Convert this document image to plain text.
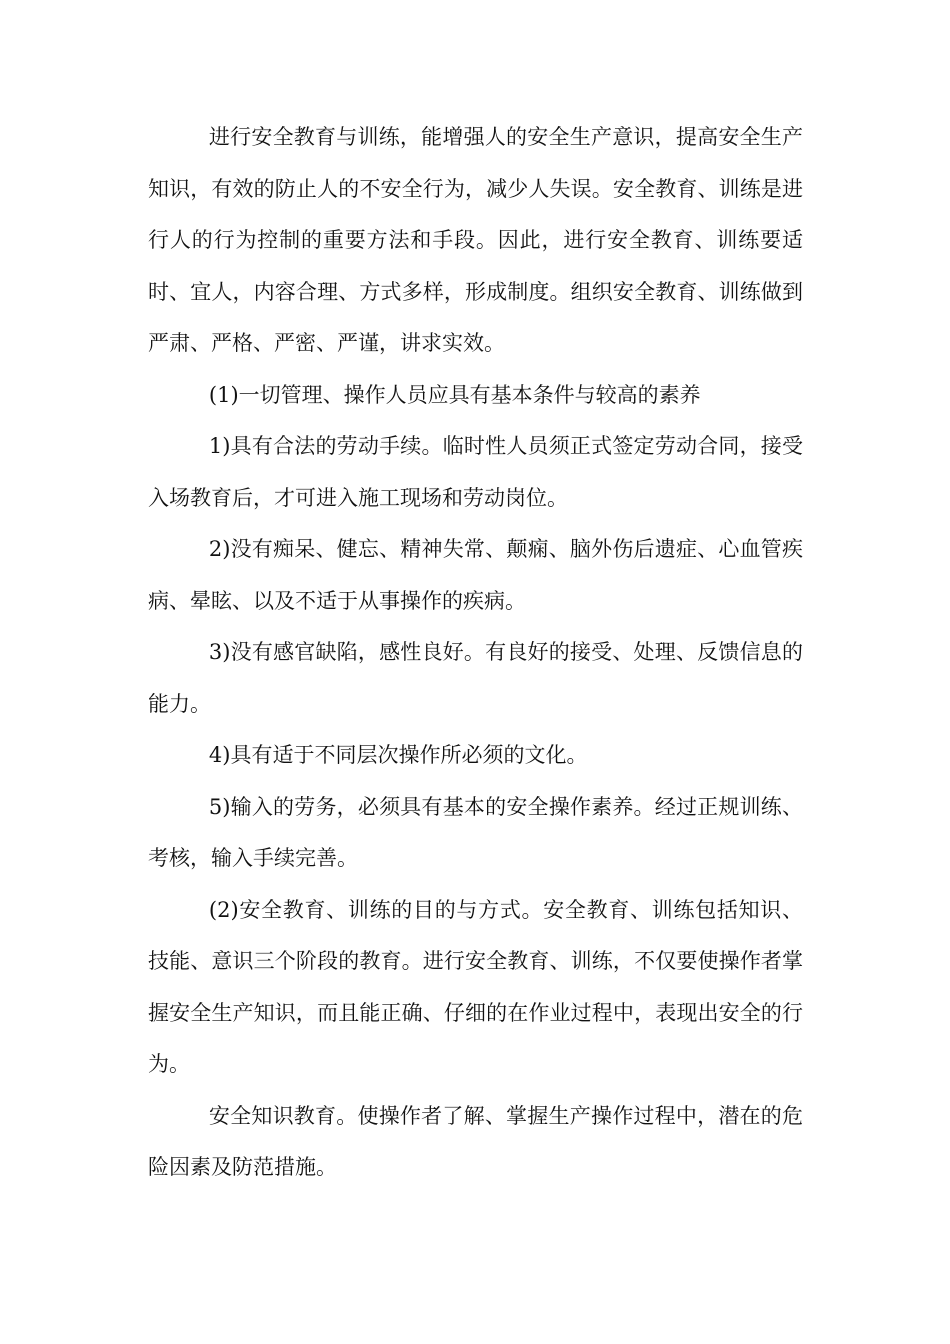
进行安全教育与训练，能增强人的安全生产意识，提高安全生产知识，有效的防止人的不安全行为，减少人失误。安全教育、训练是进行人的行为控制的重要方法和手段。因此，进行安全教育、训练要适时、宜人，内容合理、方式多样，形成制度。组织安全教育、训练做到严肃、严格、严密、严谨，讲求实效。

(1)一切管理、操作人员应具有基本条件与较高的素养

1)具有合法的劳动手续。临时性人员须正式签定劳动合同，接受入场教育后，才可进入施工现场和劳动岗位。

2)没有痴呆、健忘、精神失常、颠痫、脑外伤后遗症、心血管疾病、晕眩、以及不适于从事操作的疾病。

3)没有感官缺陷，感性良好。有良好的接受、处理、反馈信息的能力。

4)具有适于不同层次操作所必须的文化。

5)输入的劳务，必须具有基本的安全操作素养。经过正规训练、考核，输入手续完善。

(2)安全教育、训练的目的与方式。安全教育、训练包括知识、技能、意识三个阶段的教育。进行安全教育、训练，不仅要使操作者掌握安全生产知识，而且能正确、仔细的在作业过程中，表现出安全的行为。

安全知识教育。使操作者了解、掌握生产操作过程中，潜在的危险因素及防范措施。
